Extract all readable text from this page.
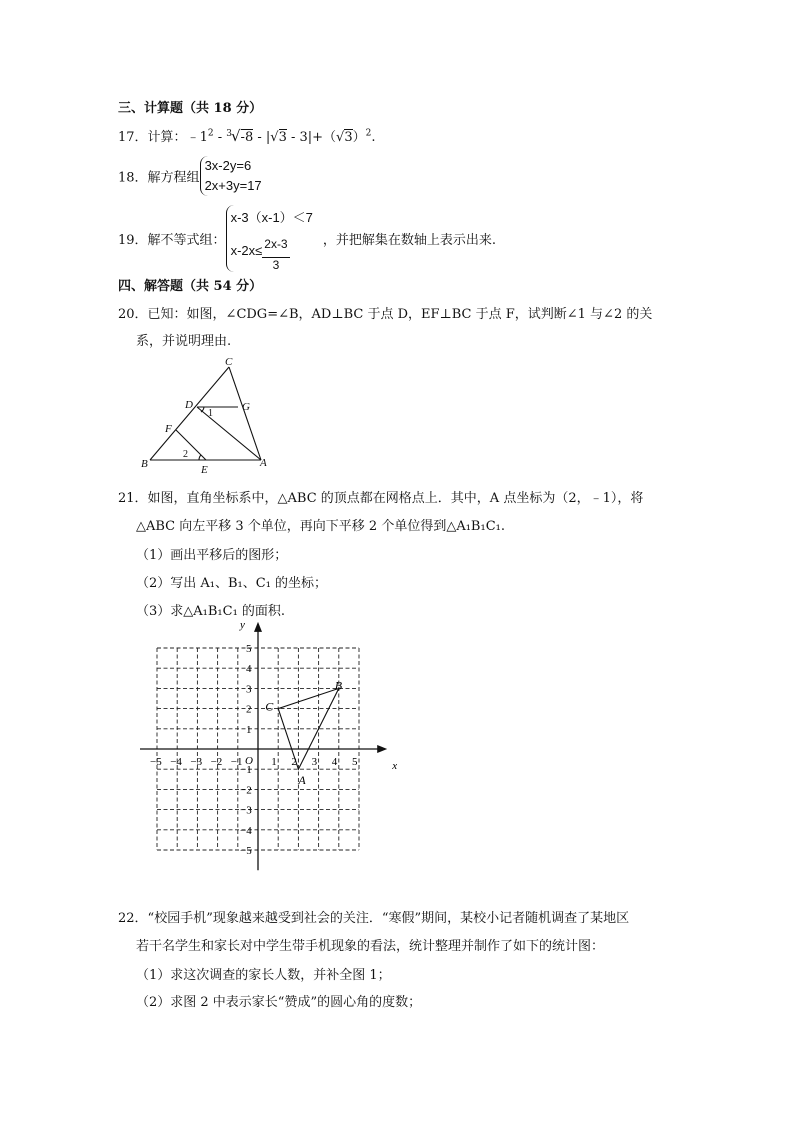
三、计算题（共 18 分）
17．计算：$﹣1^2 - ^3√-8 - |√3 - 3|+(√3)^2$.
18．解方程组
3x-2y=6
2x+3y=17
19．解不等式组：
x-3（x-1）＜7
$x-2x\le \frac{2x-3}{3}$	，并把解集在数轴上表示出来.
四、解答题（共 54 分）
20．已知：如图，∠CDG=∠B，AD⊥BC 于点 D，EF⊥BC 于点 F，试判断∠1 与∠2 的关
系，并说明理由.
C
D	G
F
B	E
A
1
2
21．如图，直角坐标系中，△ABC 的顶点都在网格点上．其中，A 点坐标为（2，﹣1），将
△ABC 向左平移 3 个单位，再向下平移 2 个单位得到△A₁B₁C₁.
（1）画出平移后的图形；
（2）写出 A₁、B₁、C₁ 的坐标；
（3）求△A₁B₁C₁ 的面积.
x
y
O
−5 −4 −3 −2 −1	1 2 3 4 5
5
4
3
2
1
−1
−2
−3
−4
−5
A
B
C
22．“校园手机”现象越来越受到社会的关注．“寒假”期间，某校小记者随机调查了某地区
若干名学生和家长对中学生带手机现象的看法，统计整理并制作了如下的统计图：
（1）求这次调查的家长人数，并补全图 1；
（2）求图 2 中表示家长“赞成”的圆心角的度数；
